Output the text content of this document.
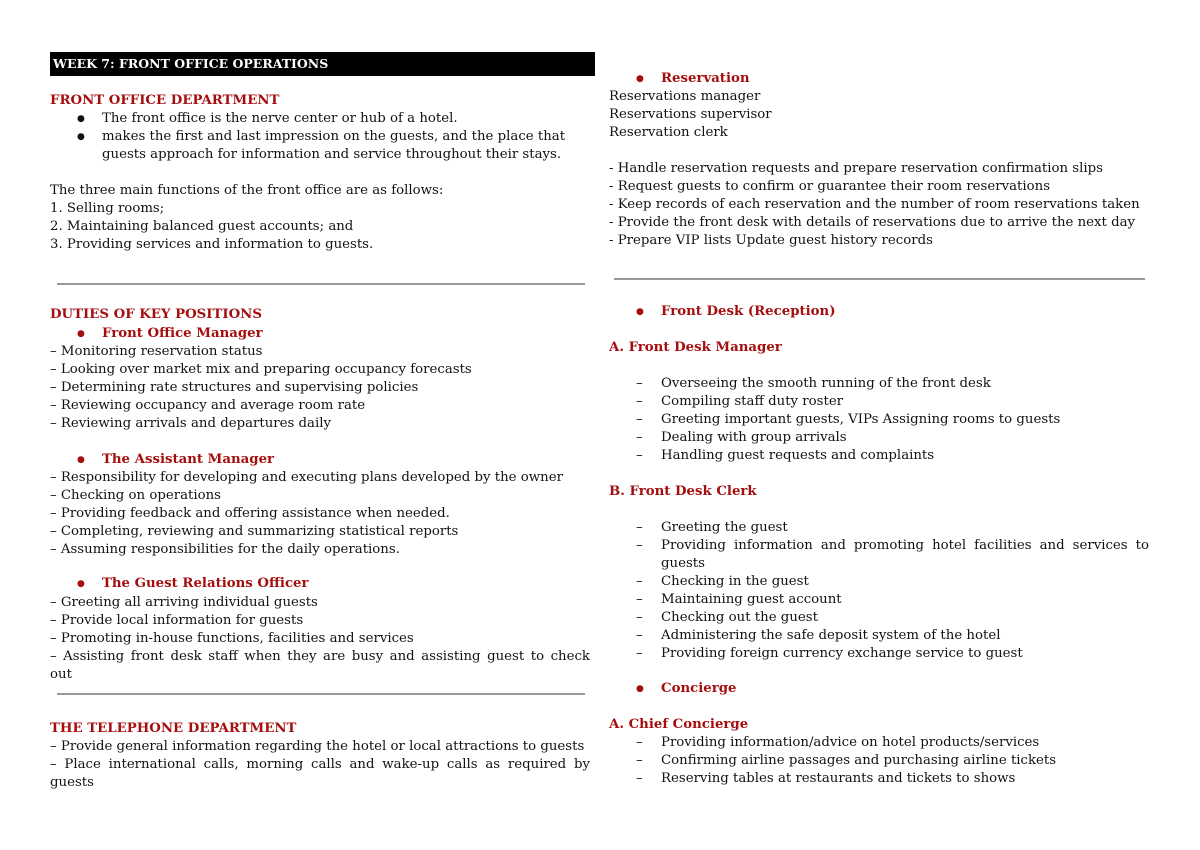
WEEK 7: FRONT OFFICE OPERATIONS
FRONT OFFICE DEPARTMENT
● The front office is the nerve center or hub of a hotel.
● makes the first and last impression on the guests, and the place that
guests approach for information and service throughout their stays.
The three main functions of the front office are as follows:
1. Selling rooms;
2. Maintaining balanced guest accounts; and
3. Providing services and information to guests.
DUTIES OF KEY POSITIONS
● Front Office Manager
– Monitoring reservation status
– Looking over market mix and preparing occupancy forecasts
– Determining rate structures and supervising policies
– Reviewing occupancy and average room rate
– Reviewing arrivals and departures daily
● The Assistant Manager
– Responsibility for developing and executing plans developed by the owner
– Checking on operations
– Providing feedback and offering assistance when needed.
– Completing, reviewing and summarizing statistical reports
– Assuming responsibilities for the daily operations.
● The Guest Relations Officer
– Greeting all arriving individual guests
– Provide local information for guests
– Promoting in-house functions, facilities and services
– Assisting front desk staff when they are busy and assisting guest to check
out
THE TELEPHONE DEPARTMENT
– Provide general information regarding the hotel or local attractions to guests
– Place international calls, morning calls and wake-up calls as required by
guests
● Reservation
Reservations manager
Reservations supervisor
Reservation clerk
- Handle reservation requests and prepare reservation confirmation slips
- Request guests to confirm or guarantee their room reservations
- Keep records of each reservation and the number of room reservations taken
- Provide the front desk with details of reservations due to arrive the next day
- Prepare VIP lists Update guest history records
● Front Desk (Reception)
A. Front Desk Manager
– Overseeing the smooth running of the front desk
– Compiling staff duty roster
– Greeting important guests, VIPs Assigning rooms to guests
– Dealing with group arrivals
– Handling guest requests and complaints
B. Front Desk Clerk
– Greeting the guest
– Providing information and promoting hotel facilities and services to
guests
– Checking in the guest
– Maintaining guest account
– Checking out the guest
– Administering the safe deposit system of the hotel
– Providing foreign currency exchange service to guest
● Concierge
A. Chief Concierge
– Providing information/advice on hotel products/services
– Confirming airline passages and purchasing airline tickets
– Reserving tables at restaurants and tickets to shows
